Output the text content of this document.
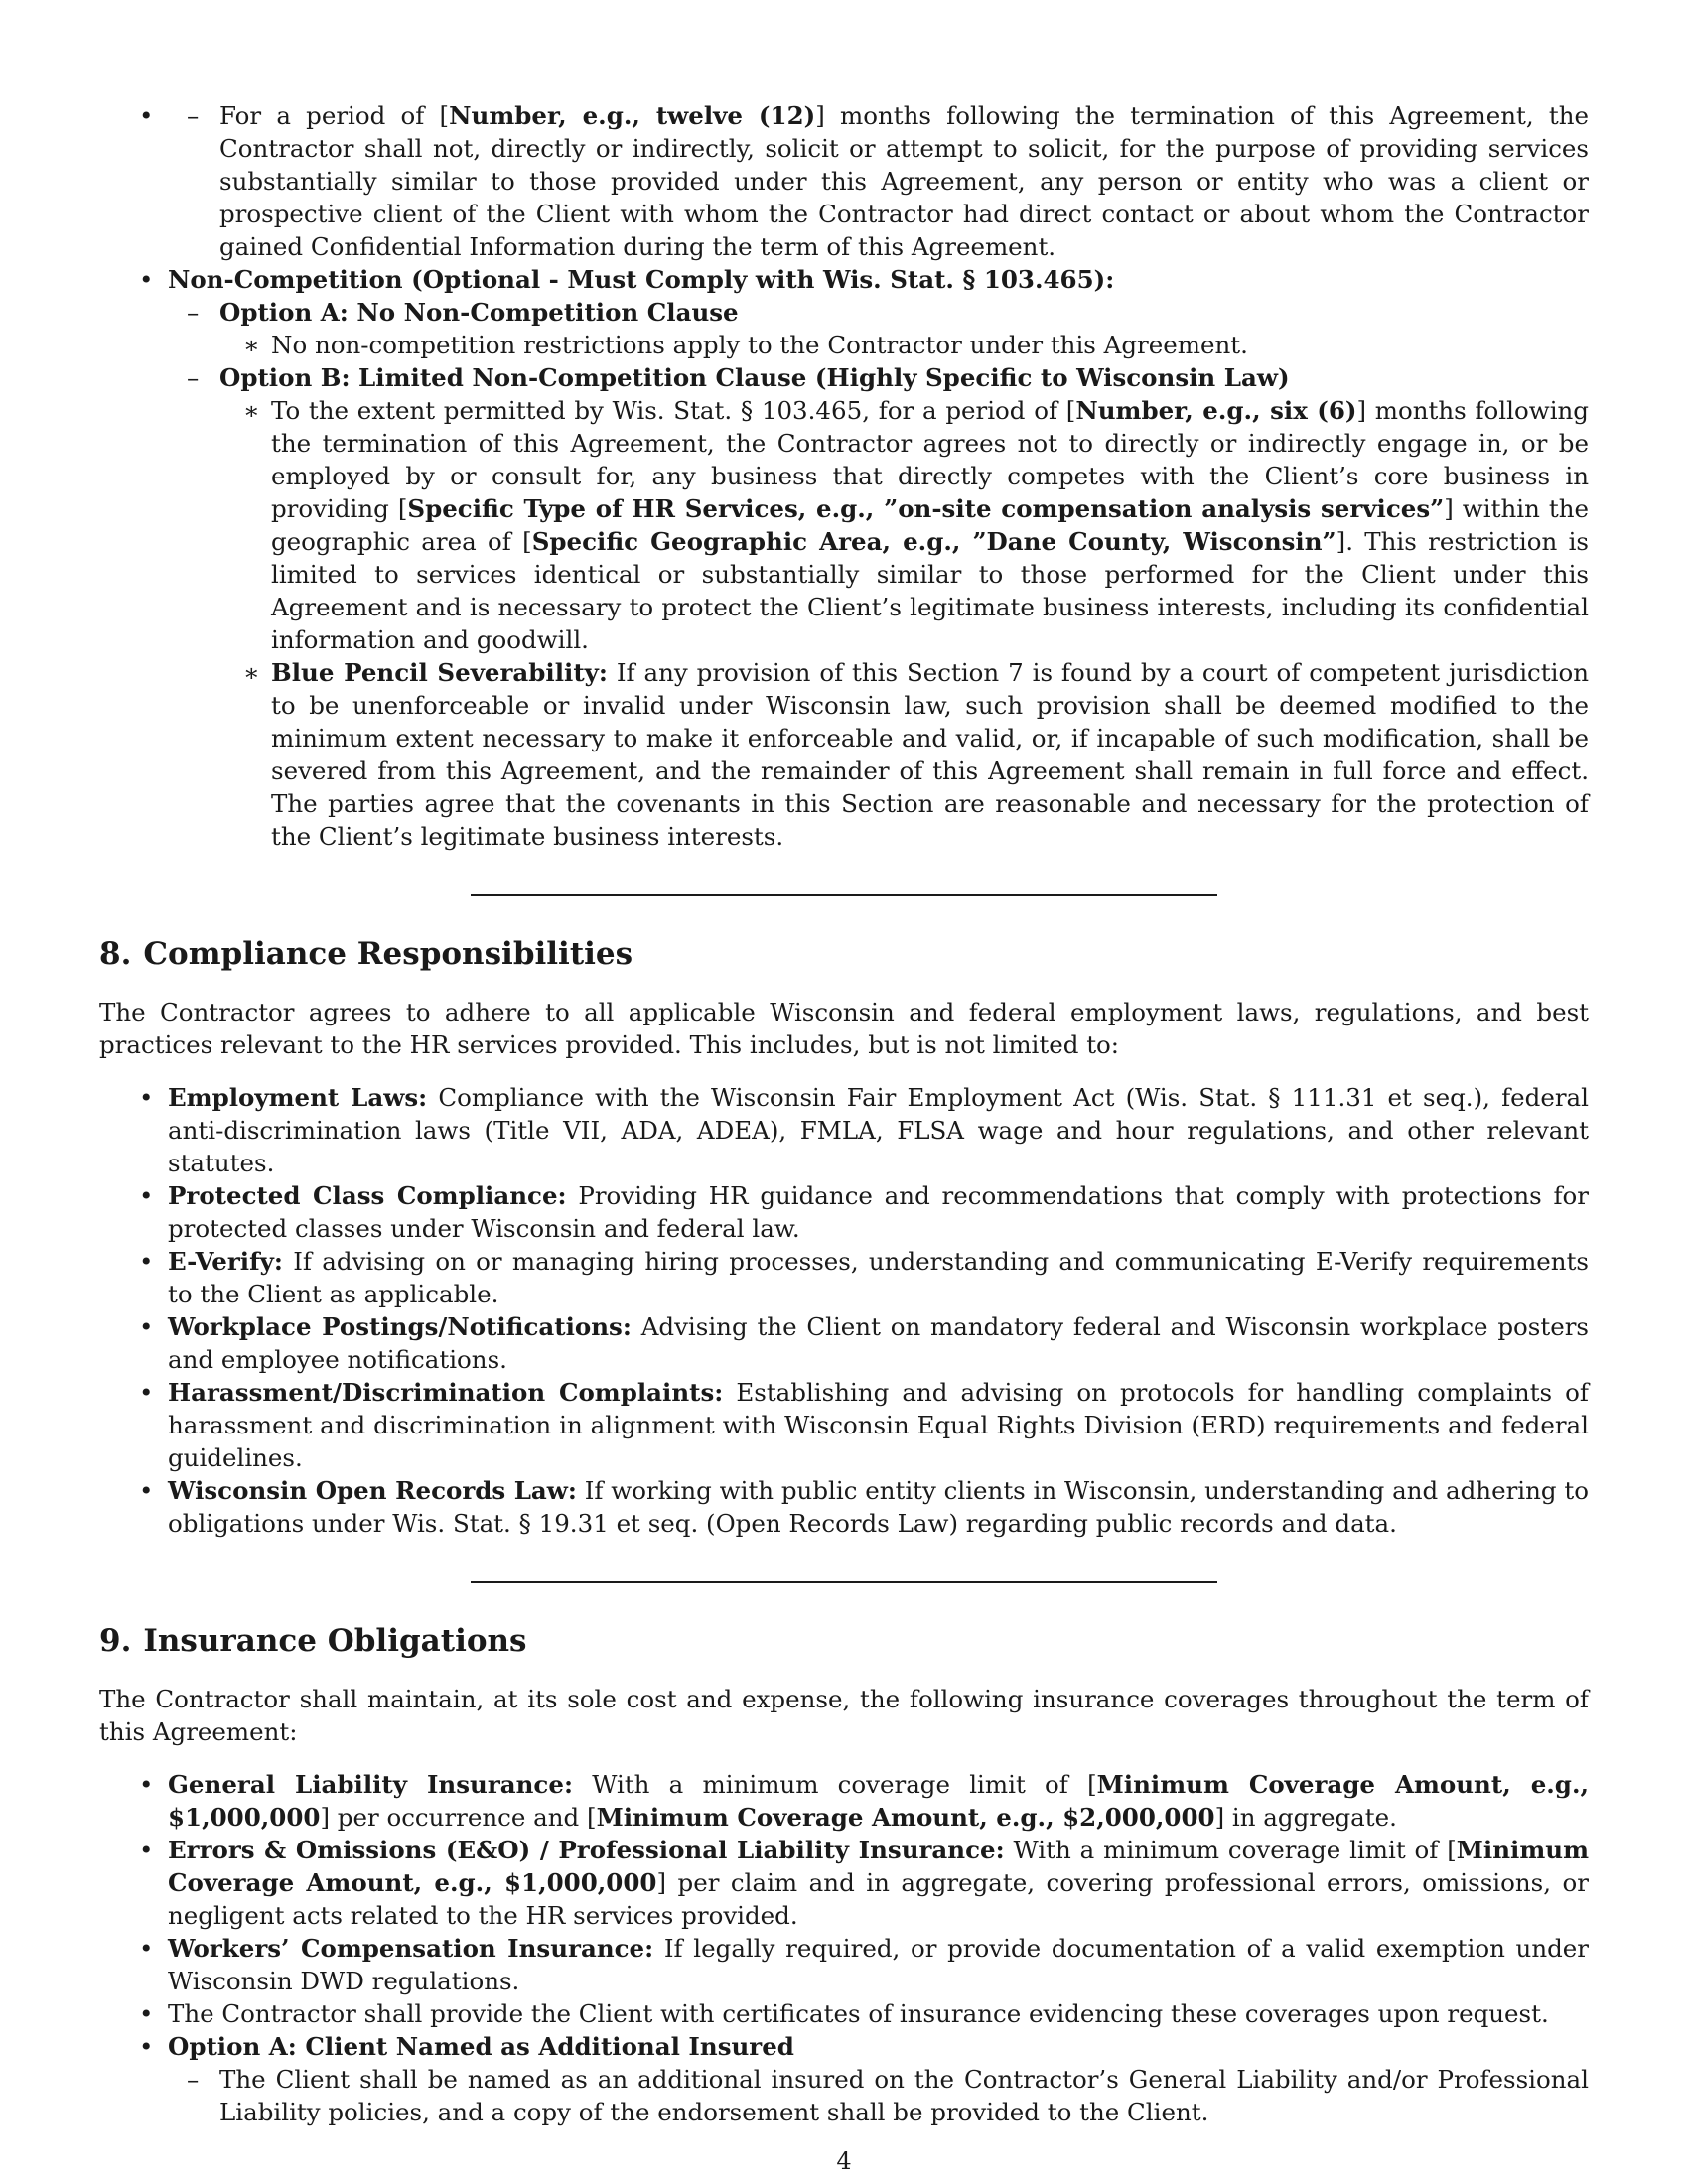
– • For a period of [Number, e.g., twelve (12)] months following the termination of this Agreement, the Contractor shall not, directly or indirectly, solicit or attempt to solicit, for the purpose of providing services substantially similar to those provided under this Agreement, any person or entity who was a client or prospective client of the Client with whom the Contractor had direct contact or about whom the Contractor gained Confidential Information during the term of this Agreement.
• Non-Competition (Optional - Must Comply with Wis. Stat. § 103.465):
– Option A: No Non-Competition Clause
∗ No non-competition restrictions apply to the Contractor under this Agreement.
– Option B: Limited Non-Competition Clause (Highly Specific to Wisconsin Law)
∗ To the extent permitted by Wis. Stat. § 103.465, for a period of [Number, e.g., six (6)] months following the termination of this Agreement, the Contractor agrees not to directly or indirectly engage in, or be employed by or consult for, any business that directly competes with the Client’s core business in providing [Specific Type of HR Services, e.g., ”on-site compensation analysis services”] within the geographic area of [Specific Geographic Area, e.g., ”Dane County, Wisconsin”]. This restriction is limited to services identical or substantially similar to those performed for the Client under this Agreement and is necessary to protect the Client’s legitimate business interests, including its confidential information and goodwill.
∗ Blue Pencil Severability: If any provision of this Section 7 is found by a court of competent jurisdiction to be unenforceable or invalid under Wisconsin law, such provision shall be deemed modified to the minimum extent necessary to make it enforceable and valid, or, if incapable of such modification, shall be severed from this Agreement, and the remainder of this Agreement shall remain in full force and effect. The parties agree that the covenants in this Section are reasonable and necessary for the protection of the Client’s legitimate business interests.
8. Compliance Responsibilities

The Contractor agrees to adhere to all applicable Wisconsin and federal employment laws, regulations, and best practices relevant to the HR services provided. This includes, but is not limited to:

• Employment Laws: Compliance with the Wisconsin Fair Employment Act (Wis. Stat. § 111.31 et seq.), federal anti-discrimination laws (Title VII, ADA, ADEA), FMLA, FLSA wage and hour regulations, and other relevant statutes.
• Protected Class Compliance: Providing HR guidance and recommendations that comply with protections for protected classes under Wisconsin and federal law.
• E-Verify: If advising on or managing hiring processes, understanding and communicating E-Verify requirements to the Client as applicable.
• Workplace Postings/Notifications: Advising the Client on mandatory federal and Wisconsin workplace posters and employee notifications.
• Harassment/Discrimination Complaints: Establishing and advising on protocols for handling complaints of harassment and discrimination in alignment with Wisconsin Equal Rights Division (ERD) requirements and federal guidelines.
• Wisconsin Open Records Law: If working with public entity clients in Wisconsin, understanding and adhering to obligations under Wis. Stat. § 19.31 et seq. (Open Records Law) regarding public records and data.
9. Insurance Obligations

The Contractor shall maintain, at its sole cost and expense, the following insurance coverages throughout the term of this Agreement:

• General Liability Insurance: With a minimum coverage limit of [Minimum Coverage Amount, e.g., $1,000,000] per occurrence and [Minimum Coverage Amount, e.g., $2,000,000] in aggregate.
• Errors & Omissions (E&O) / Professional Liability Insurance: With a minimum coverage limit of [Minimum Coverage Amount, e.g., $1,000,000] per claim and in aggregate, covering professional errors, omissions, or negligent acts related to the HR services provided.
• Workers’ Compensation Insurance: If legally required, or provide documentation of a valid exemption under Wisconsin DWD regulations.
• The Contractor shall provide the Client with certificates of insurance evidencing these coverages upon request.
• Option A: Client Named as Additional Insured
– The Client shall be named as an additional insured on the Contractor’s General Liability and/or Professional Liability policies, and a copy of the endorsement shall be provided to the Client.
4
